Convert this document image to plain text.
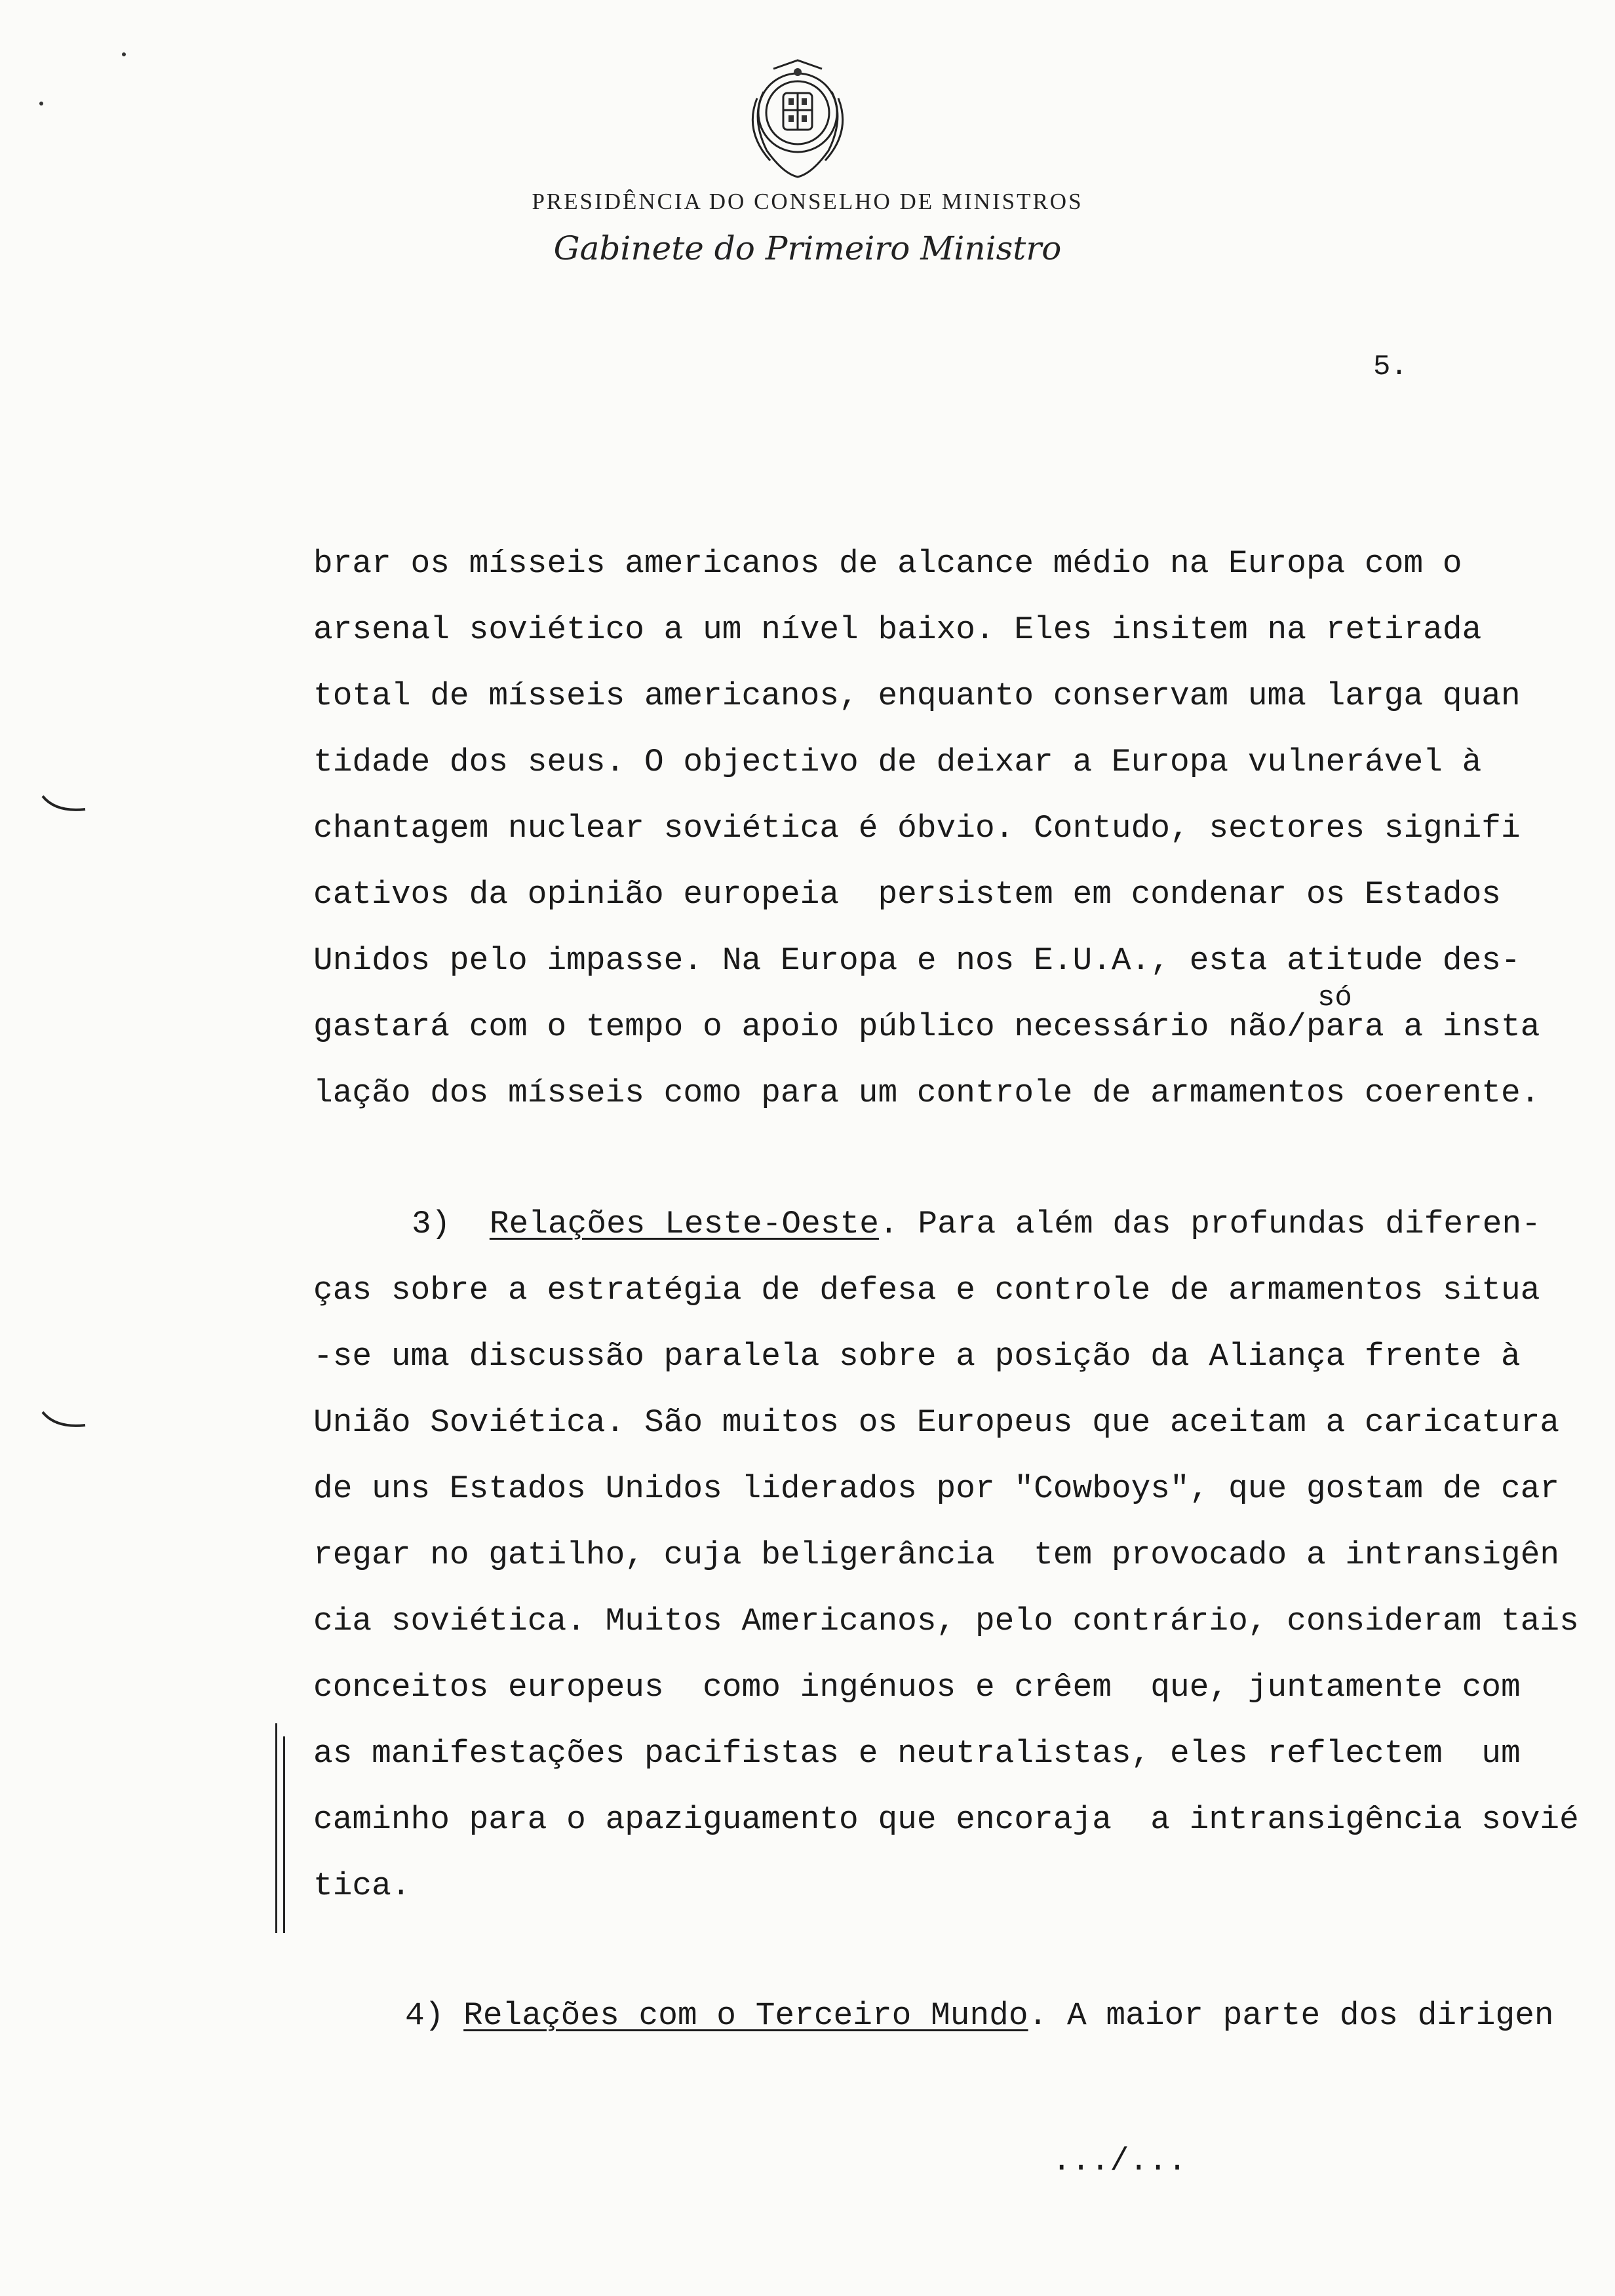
PRESIDÊNCIA DO CONSELHO DE MINISTROS
Gabinete do Primeiro Ministro
5.
brar os mísseis americanos de alcance médio na Europa com o
arsenal soviético a um nível baixo. Eles insitem na retirada
total de mísseis americanos, enquanto conservam uma larga quan
tidade dos seus. O objectivo de deixar a Europa vulnerável à
chantagem nuclear soviética é óbvio. Contudo, sectores signifi
cativos da opinião europeia  persistem em condenar os Estados
Unidos pelo impasse. Na Europa e nos E.U.A., esta atitude des-
só
gastará com o tempo o apoio público necessário não/para a insta
lação dos mísseis como para um controle de armamentos coerente.
3) Relações Leste-Oeste. Para além das profundas diferen-
ças sobre a estratégia de defesa e controle de armamentos situa
-se uma discussão paralela sobre a posição da Aliança frente à
União Soviética. São muitos os Europeus que aceitam a caricatura
de uns Estados Unidos liderados por "Cowboys", que gostam de car
regar no gatilho, cuja beligerância  tem provocado a intransigên
cia soviética. Muitos Americanos, pelo contrário, consideram tais
conceitos europeus  como ingénuos e crêem  que, juntamente com
as manifestações pacifistas e neutralistas, eles reflectem  um
caminho para o apaziguamento que encoraja  a intransigência sovié
tica.
4) Relações com o Terceiro Mundo. A maior parte dos dirigen
.../...
